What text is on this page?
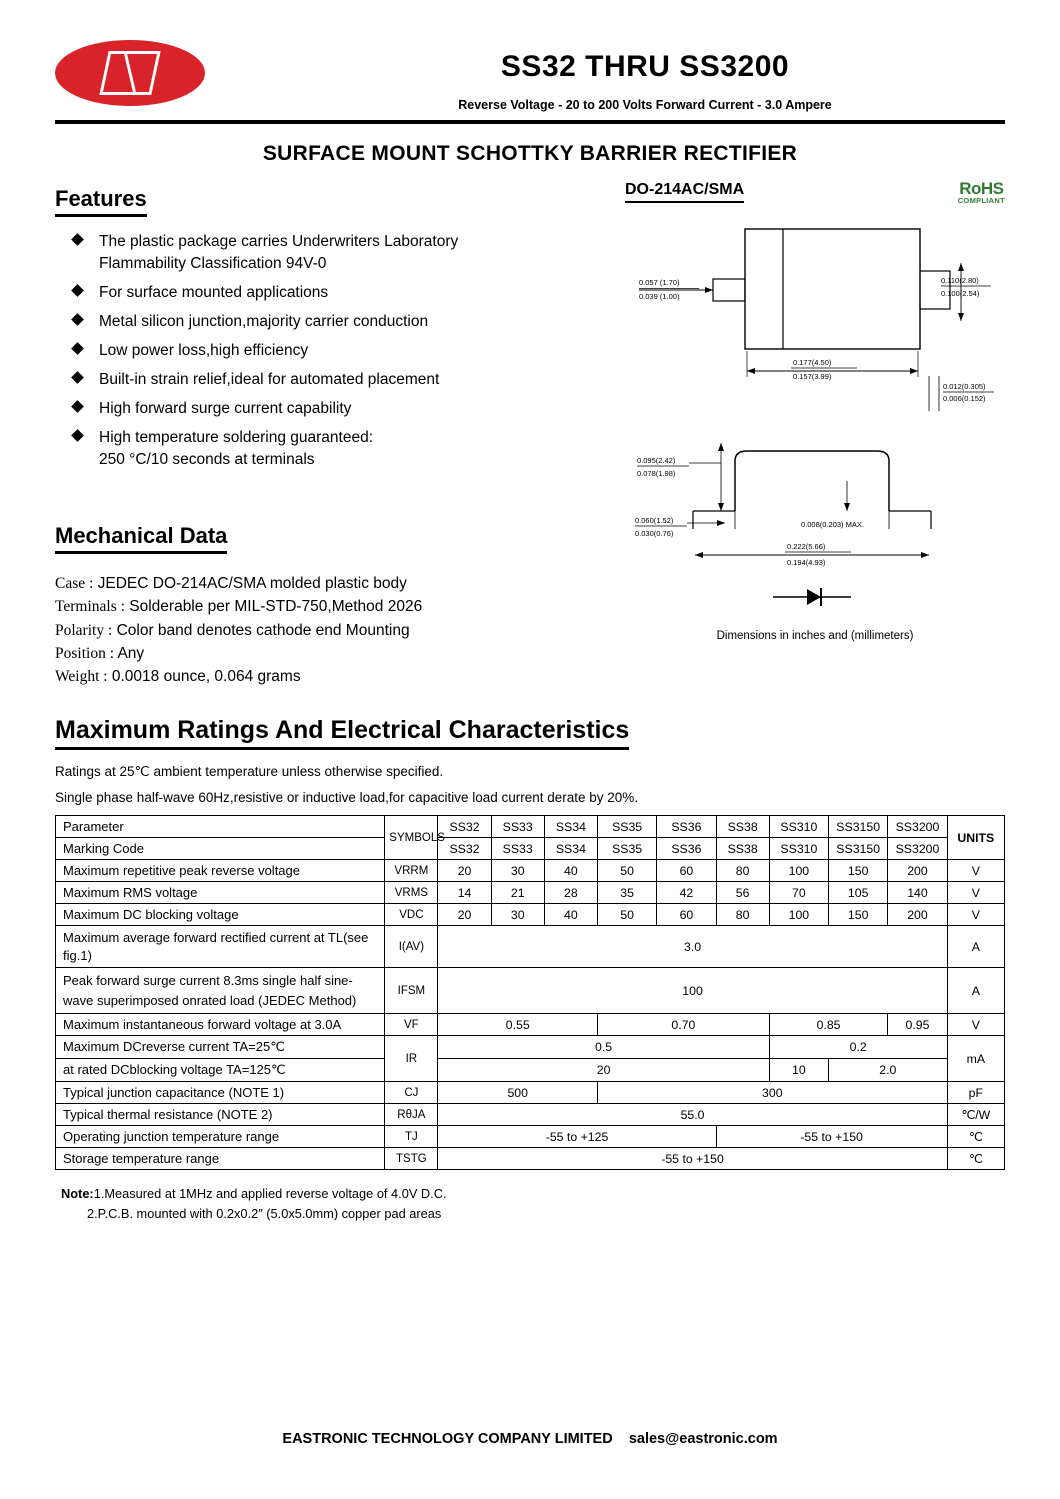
SS32 THRU SS3200
Reverse Voltage - 20 to 200 Volts Forward Current - 3.0 Ampere
SURFACE MOUNT SCHOTTKY BARRIER RECTIFIER
Features
The plastic package carries Underwriters Laboratory
Flammability Classification 94V-0
For surface mounted applications
Metal silicon junction,majority carrier conduction
Low power loss,high efficiency
Built-in strain relief,ideal for automated placement
High forward surge current capability
High temperature soldering guaranteed:
250 °C/10 seconds at terminals
Mechanical Data
Case : JEDEC DO-214AC/SMA molded plastic body
Terminals : Solderable per MIL-STD-750,Method 2026
Polarity : Color band denotes cathode end Mounting
Position : Any
Weight : 0.0018 ounce, 0.064 grams
DO-214AC/SMA	RoHS
COMPLIANT
0.057 (1.70)
0.039 (1.00)
0.110(2.80)
0.100(2.54)
0.177(4.50)
0.157(3.99)
0.012(0.305)
0.006(0.152)
0.095(2.42)
0.078(1.98)
0.060(1.52)
0.030(0.76)
0.008(0.203) MAX.
0.222(5.66)
0.194(4.93)
Dimensions in inches and (millimeters)
Maximum Ratings And Electrical Characteristics
Ratings at 25℃ ambient temperature unless otherwise specified.
Single phase half-wave 60Hz,resistive or inductive load,for capacitive load current derate by 20%.
Parameter	SYMBOLS	SS32	SS33	SS34	SS35	SS36	SS38	SS310	SS3150	SS3200	UNITS
Marking Code		SS32	SS33	SS34	SS35	SS36	SS38	SS310	SS3150	SS3200	
Maximum repetitive peak reverse voltage	VRRM	20	30	40	50	60	80	100	150	200	V
Maximum RMS voltage	VRMS	14	21	28	35	42	56	70	105	140	V
Maximum DC blocking voltage	VDC	20	30	40	50	60	80	100	150	200	V
Maximum average forward rectified current at TL(see fig.1)	I(AV)	3.0									A
Peak forward surge current 8.3ms single half sine-wave superimposed onrated load (JEDEC Method)	IFSM	100									A
Maximum instantaneous forward voltage at 3.0A	VF	0.55			0.70			0.85		0.95	V
Maximum DCreverse current TA=25℃	IR	0.5						0.2			mA
at rated DCblocking voltage TA=125℃		20						10	2.0		
Typical junction capacitance (NOTE 1)	CJ	500			300						pF
Typical thermal resistance (NOTE 2)	RθJA	55.0									℃/W
Operating junction temperature range	TJ	-55 to +125					-55 to +150				℃
Storage temperature range	TSTG	-55 to +150									℃
Note:1.Measured at 1MHz and applied reverse voltage of 4.0V D.C.
2.P.C.B. mounted with 0.2x0.2″ (5.0x5.0mm) copper pad areas
EASTRONIC TECHNOLOGY COMPANY LIMITED sales@eastronic.com
